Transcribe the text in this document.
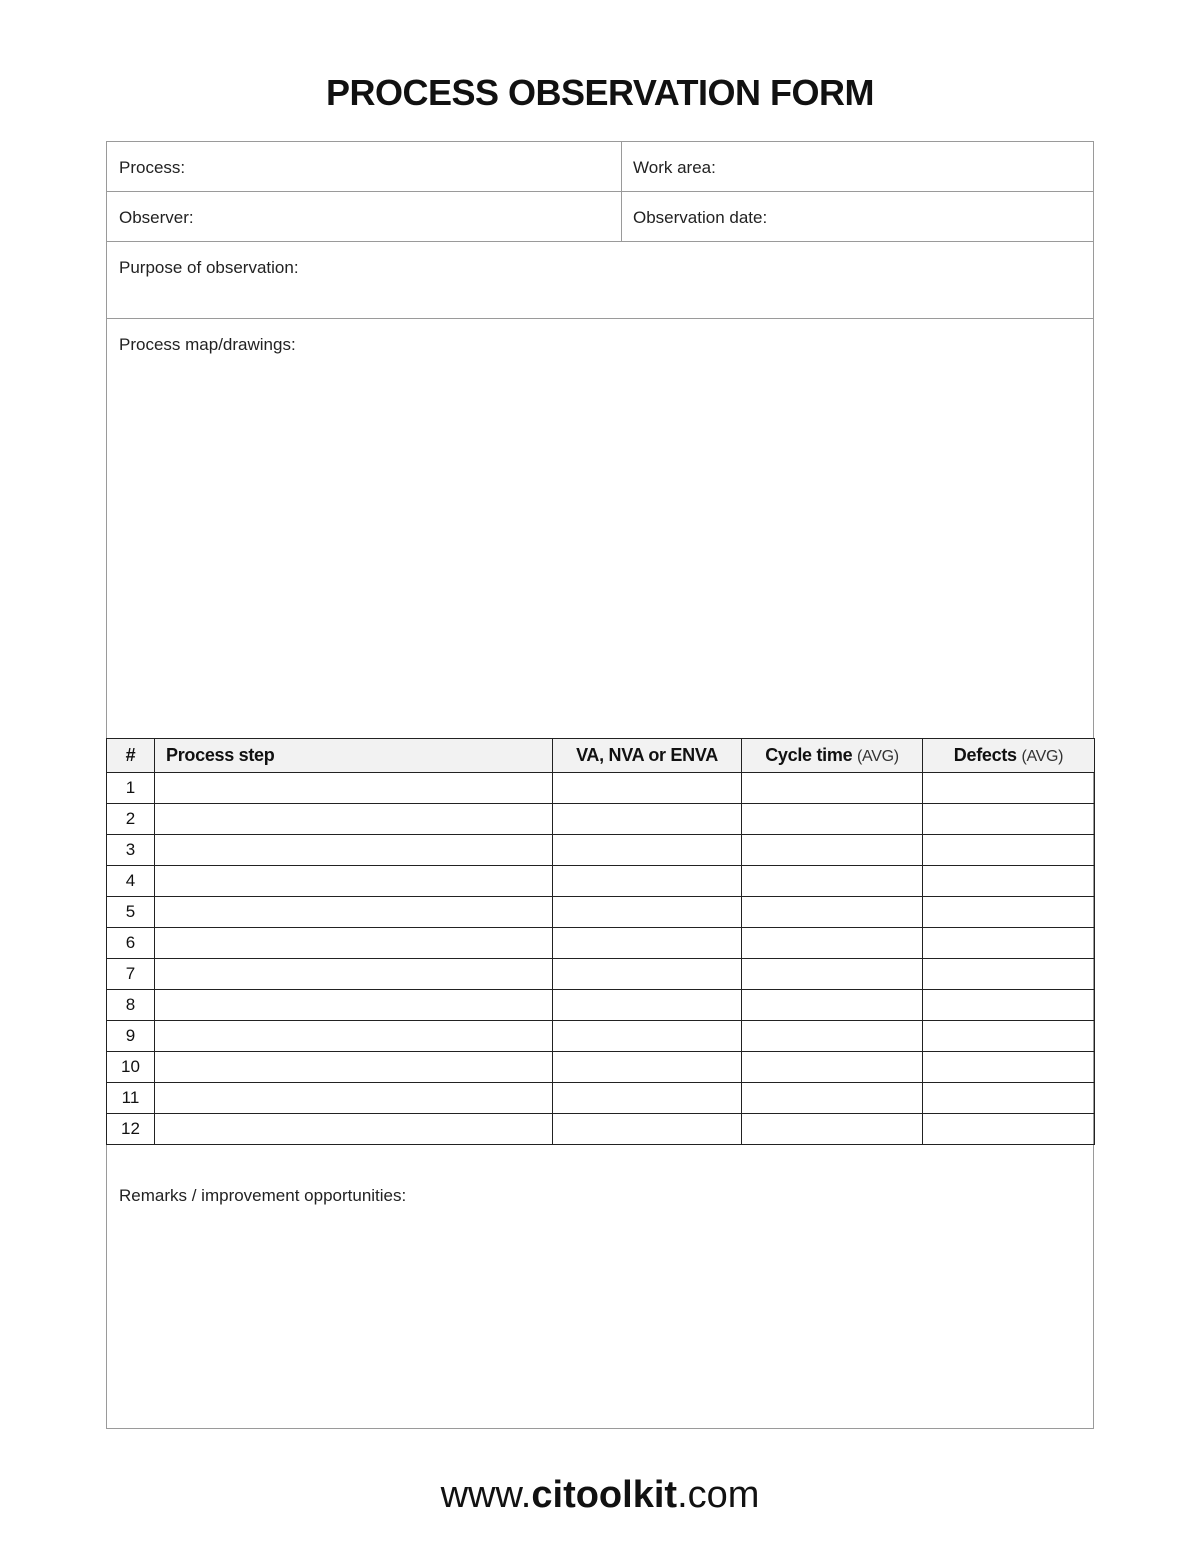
PROCESS OBSERVATION FORM
Process:	Work area:
Observer:	Observation date:
Purpose of observation:
Process map/drawings:
#	Process step	VA, NVA or ENVA	Cycle time (AVG)	Defects (AVG)
1				
2				
3				
4				
5				
6				
7				
8				
9				
10				
11				
12				
Remarks / improvement opportunities:
www.citoolkit.com
